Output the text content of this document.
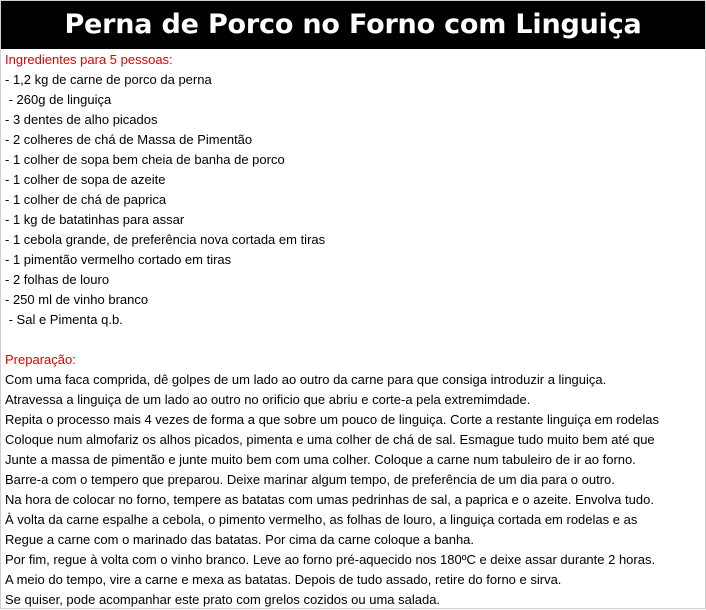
Perna de Porco no Forno com Linguiça
Ingredientes para 5 pessoas:
- 1,2 kg de carne de porco da perna
- 260g de linguiça
- 3 dentes de alho picados
- 2 colheres de chá de Massa de Pimentão
- 1 colher de sopa bem cheia de banha de porco
- 1 colher de sopa de azeite
- 1 colher de chá de paprica
- 1 kg de batatinhas para assar
- 1 cebola grande, de preferência nova cortada em tiras
- 1 pimentão vermelho cortado em tiras
- 2 folhas de louro
- 250 ml de vinho branco
- Sal e Pimenta q.b.
Preparação:
Com uma faca comprida, dê golpes de um lado ao outro da carne para que consiga introduzir a linguiça.
Atravessa a linguiça de um lado ao outro no orificio que abriu e corte-a pela extremimdade.
Repita o processo mais 4 vezes de forma a que sobre um pouco de linguiça. Corte a restante linguiça em rodelas
Coloque num almofariz os alhos picados, pimenta e uma colher de chá de sal. Esmague tudo muito bem até que
Junte a massa de pimentão e junte muito bem com uma colher. Coloque a carne num tabuleiro de ir ao forno.
Barre-a com o tempero que preparou. Deixe marinar algum tempo, de preferência de um dia para o outro.
Na hora de colocar no forno, tempere as batatas com umas pedrinhas de sal, a paprica e o azeite. Envolva tudo.
À volta da carne espalhe a cebola, o pimento vermelho, as folhas de louro, a linguiça cortada em rodelas e as
Regue a carne com o marinado das batatas. Por cima da carne coloque a banha.
Por fim, regue à volta com o vinho branco. Leve ao forno pré-aquecido nos 180ºC e deixe assar durante 2 horas.
A meio do tempo, vire a carne e mexa as batatas. Depois de tudo assado, retire do forno e sirva.
Se quiser, pode acompanhar este prato com grelos cozidos ou uma salada.
